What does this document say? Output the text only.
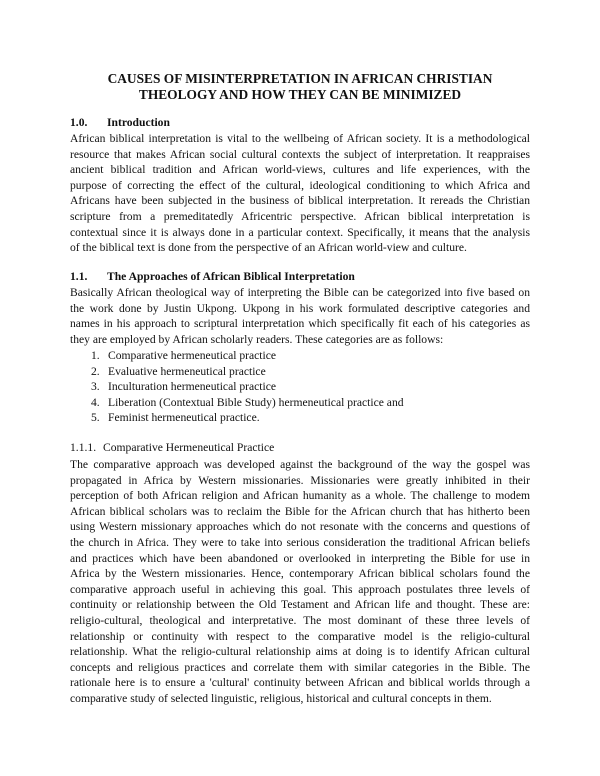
CAUSES OF MISINTERPRETATION IN AFRICAN CHRISTIAN
THEOLOGY AND HOW THEY CAN BE MINIMIZED
1.0. Introduction
African biblical interpretation is vital to the wellbeing of African society. It is a methodological
resource that makes African social cultural contexts the subject of interpretation. It reappraises
ancient biblical tradition and African world-views, cultures and life experiences, with the
purpose of correcting the effect of the cultural, ideological conditioning to which Africa and
Africans have been subjected in the business of biblical interpretation. It rereads the Christian
scripture from a premeditatedly Africentric perspective. African biblical interpretation is
contextual since it is always done in a particular context. Specifically, it means that the analysis
of the biblical text is done from the perspective of an African world-view and culture.
1.1. The Approaches of African Biblical Interpretation
Basically African theological way of interpreting the Bible can be categorized into five based on
the work done by Justin Ukpong. Ukpong in his work formulated descriptive categories and
names in his approach to scriptural interpretation which specifically fit each of his categories as
they are employed by African scholarly readers. These categories are as follows:
1. Comparative hermeneutical practice
2. Evaluative hermeneutical practice
3. Inculturation hermeneutical practice
4. Liberation (Contextual Bible Study) hermeneutical practice and
5. Feminist hermeneutical practice.
1.1.1. Comparative Hermeneutical Practice
The comparative approach was developed against the background of the way the gospel was
propagated in Africa by Western missionaries. Missionaries were greatly inhibited in their
perception of both African religion and African humanity as a whole. The challenge to modem
African biblical scholars was to reclaim the Bible for the African church that has hitherto been
using Western missionary approaches which do not resonate with the concerns and questions of
the church in Africa. They were to take into serious consideration the traditional African beliefs
and practices which have been abandoned or overlooked in interpreting the Bible for use in
Africa by the Western missionaries. Hence, contemporary African biblical scholars found the
comparative approach useful in achieving this goal. This approach postulates three levels of
continuity or relationship between the Old Testament and African life and thought. These are:
religio-cultural, theological and interpretative. The most dominant of these three levels of
relationship or continuity with respect to the comparative model is the religio-cultural
relationship. What the religio-cultural relationship aims at doing is to identify African cultural
concepts and religious practices and correlate them with similar categories in the Bible. The
rationale here is to ensure a 'cultural' continuity between African and biblical worlds through a
comparative study of selected linguistic, religious, historical and cultural concepts in them.
